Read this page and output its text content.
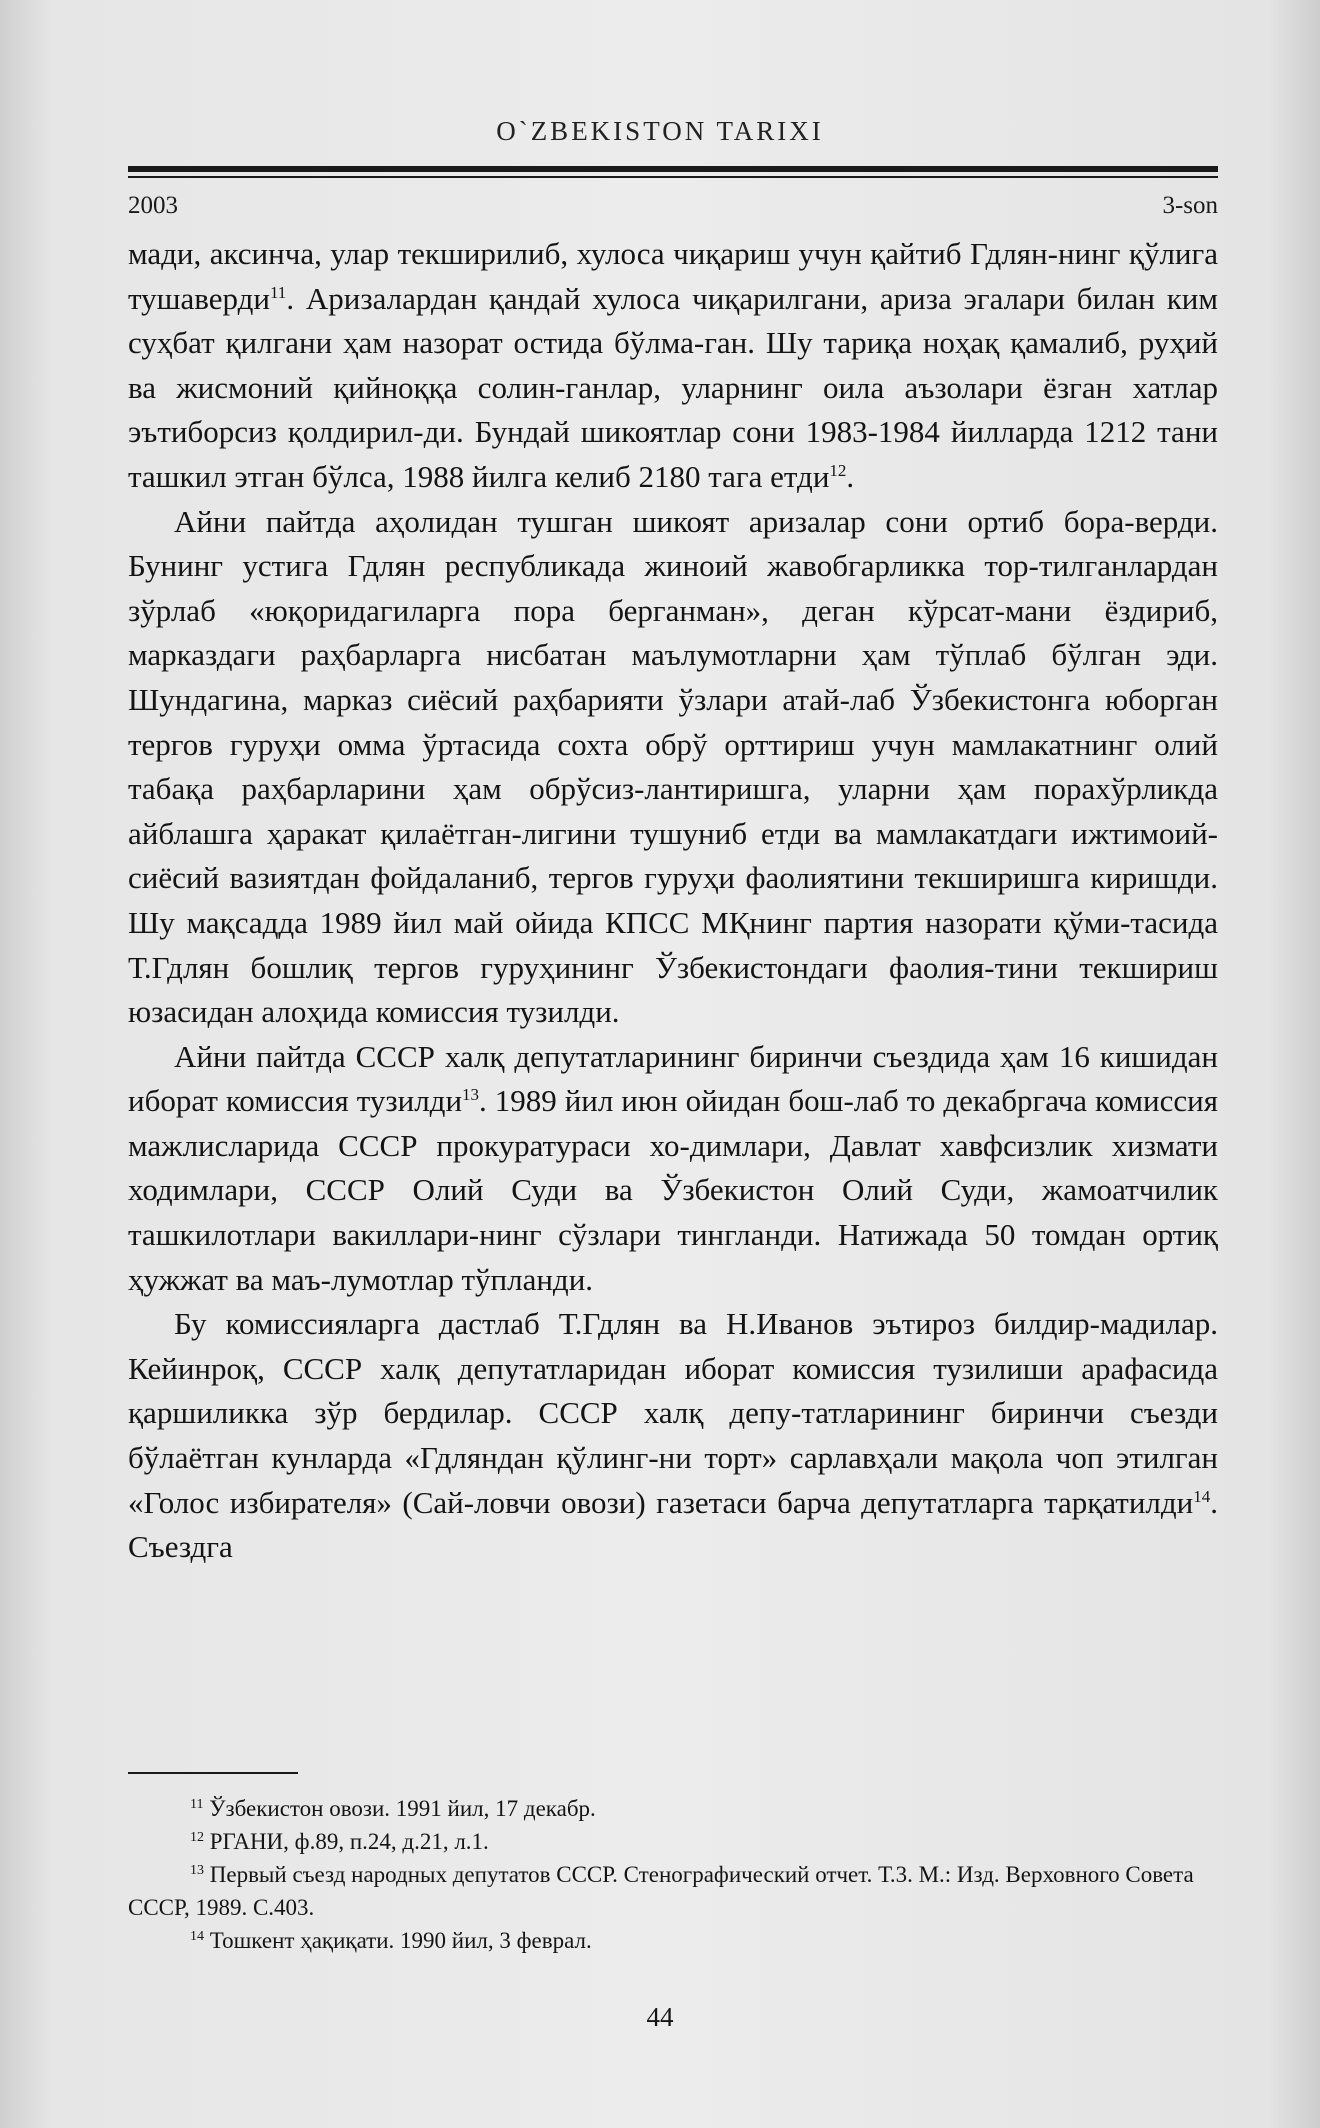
O`ZBEKISTON TARIXI
2003	3-son

мади, аксинча, улар текширилиб, хулоса чиқариш учун қайтиб Гдлян-нинг қўлига тушаверди$^{11}$. Аризалардан қандай хулоса чиқарилгани, ариза эгалари билан ким суҳбат қилгани ҳам назорат остида бўлма-ган. Шу тариқа ноҳақ қамалиб, руҳий ва жисмоний қийноққа солин-ганлар, уларнинг оила аъзолари ёзган хатлар эътиборсиз қолдирил-ди. Бундай шикоятлар сони 1983-1984 йилларда 1212 тани ташкил этган бўлса, 1988 йилга келиб 2180 тага етди$^{12}$.

Айни пайтда аҳолидан тушган шикоят аризалар сони ортиб бора-верди. Бунинг устига Гдлян республикада жиноий жавобгарликка тор-тилганлардан зўрлаб «юқоридагиларга пора берганман», деган кўрсат-мани ёздириб, марказдаги раҳбарларга нисбатан маълумотларни ҳам тўплаб бўлган эди. Шундагина, марказ сиёсий раҳбарияти ўзлари атай-лаб Ўзбекистонга юборган тергов гуруҳи омма ўртасида сохта обрў орттириш учун мамлакатнинг олий табақа раҳбарларини ҳам обрўсиз-лантиришга, уларни ҳам порахўрликда айблашга ҳаракат қилаётган-лигини тушуниб етди ва мамлакатдаги ижтимоий-сиёсий вазиятдан фойдаланиб, тергов гуруҳи фаолиятини текширишга киришди. Шу мақсадда 1989 йил май ойида КПСС МҚнинг партия назорати қўми-тасида Т.Гдлян бошлиқ тергов гуруҳининг Ўзбекистондаги фаолия-тини текшириш юзасидан алоҳида комиссия тузилди.

Айни пайтда СССР халқ депутатларининг биринчи съездида ҳам 16 кишидан иборат комиссия тузилди$^{13}$. 1989 йил июн ойидан бош-лаб то декабргача комиссия мажлисларида СССР прокуратураси хо-димлари, Давлат хавфсизлик хизмати ходимлари, СССР Олий Суди ва Ўзбекистон Олий Суди, жамоатчилик ташкилотлари вакиллари-нинг сўзлари тингланди. Натижада 50 томдан ортиқ ҳужжат ва маъ-лумотлар тўпланди.

Бу комиссияларга дастлаб Т.Гдлян ва Н.Иванов эътироз билдир-мадилар. Кейинроқ, СССР халқ депутатларидан иборат комиссия тузилиши арафасида қаршиликка зўр бердилар. СССР халқ депу-татларининг биринчи съезди бўлаётган кунларда «Гдляндан қўлинг-ни торт» сарлавҳали мақола чоп этилган «Голос избирателя» (Сай-ловчи овози) газетаси барча депутатларга тарқатилди$^{14}$. Съездга

$^{11}$ Ўзбекистон овози. 1991 йил, 17 декабр.

$^{12}$ РГАНИ, ф.89, п.24, д.21, л.1.

$^{13}$ Первый съезд народных депутатов СССР. Стенографический отчет. Т.3. М.: Изд. Верховного Совета СССР, 1989. С.403.

$^{14}$ Тошкент ҳақиқати. 1990 йил, 3 феврал.

44
